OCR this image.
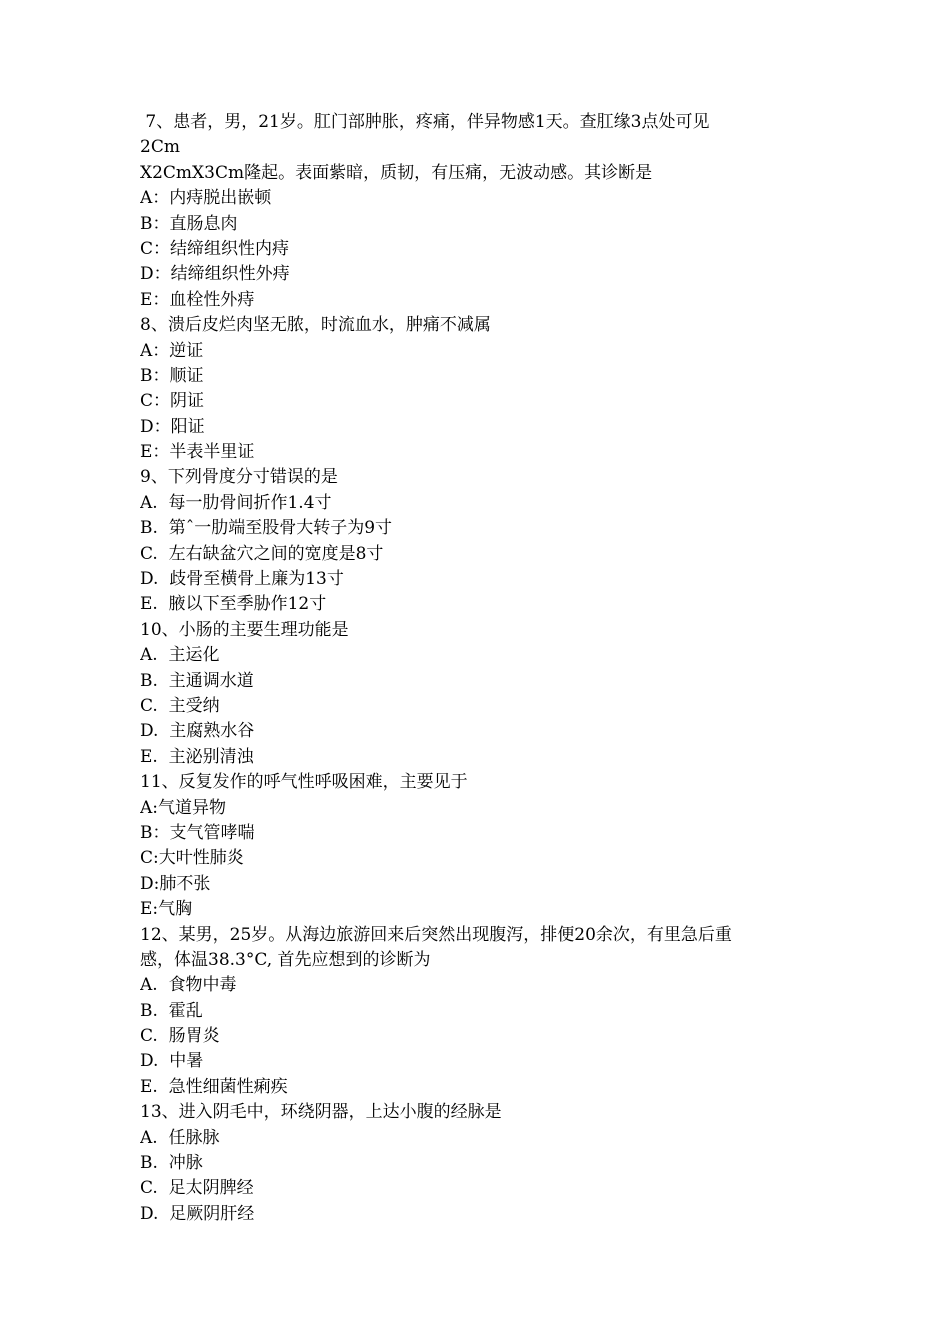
7、患者，男，21岁。肛门部肿胀，疼痛，伴异物感1天。查肛缘3点处可见
2Cm
X2CmX3Cm隆起。表面紫暗，质韧，有压痛，无波动感。其诊断是
A：内痔脱出嵌顿
B：直肠息肉
C：结缔组织性内痔
D：结缔组织性外痔
E：血栓性外痔
8、溃后皮烂肉坚无脓，时流血水，肿痛不减属
A：逆证
B：顺证
C：阴证
D：阳证
E：半表半里证
9、下列骨度分寸错误的是
A.  每一肋骨间折作1.4寸
B.  第ˆ一肋端至股骨大转子为9寸
C.  左右缺盆穴之间的宽度是8寸
D.  歧骨至横骨上廉为13寸
E.  腋以下至季胁作12寸
10、小肠的主要生理功能是
A.  主运化
B.  主通调水道
C.  主受纳
D.  主腐熟水谷
E.  主泌别清浊
11、反复发作的呼气性呼吸困难，主要见于
A:气道异物
B：支气管哮喘
C:大叶性肺炎
D:肺不张
E:气胸
12、某男，25岁。从海边旅游回来后突然出现腹泻，排便20余次，有里急后重
感，体温38.3°C, 首先应想到的诊断为
A.  食物中毒
B.  霍乱
C.  肠胃炎
D.  中暑
E.  急性细菌性痢疾
13、进入阴毛中，环绕阴器，上达小腹的经脉是
A.  任脉脉
B.  冲脉
C.  足太阴脾经
D.  足厥阴肝经
